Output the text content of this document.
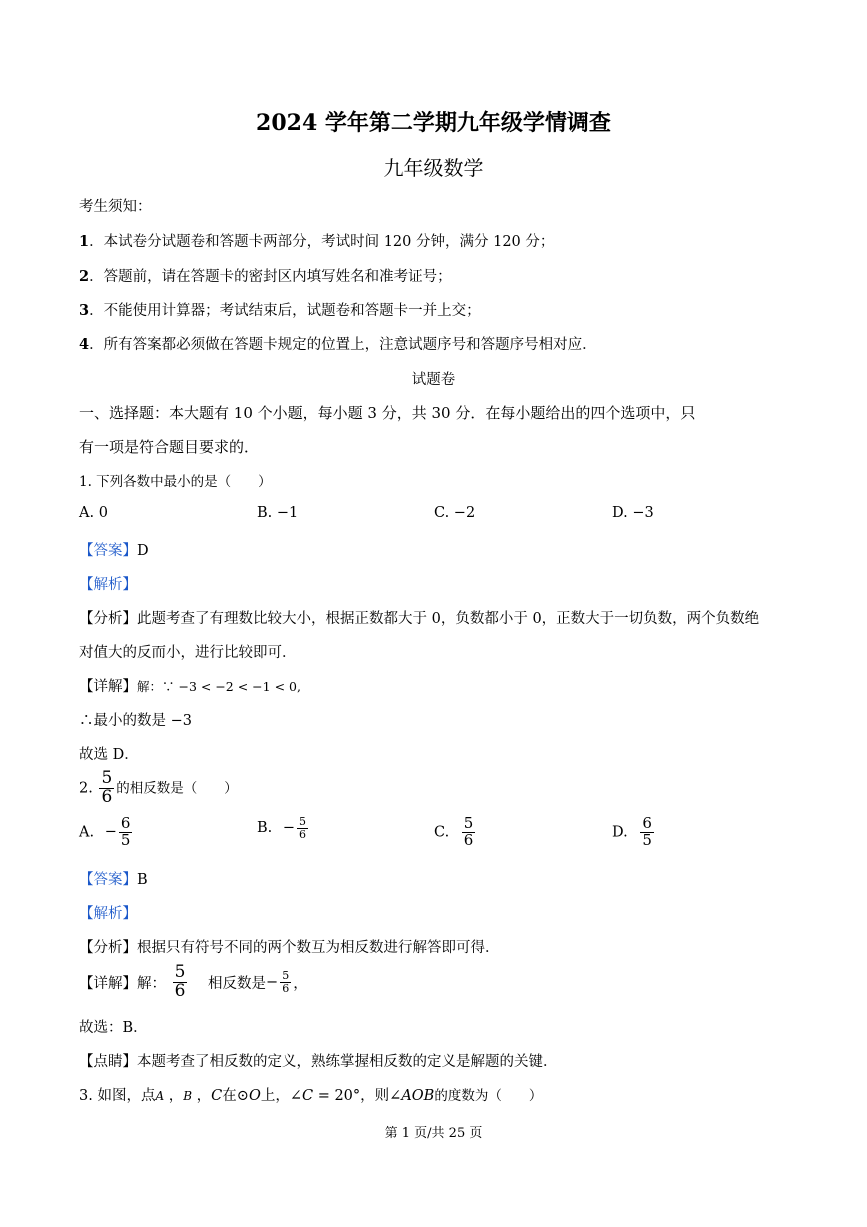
2024 学年第二学期九年级学情调查
九年级数学
考生须知：
1．本试卷分试题卷和答题卡两部分，考试时间 120 分钟，满分 120 分；
2．答题前，请在答题卡的密封区内填写姓名和准考证号；
3．不能使用计算器；考试结束后，试题卷和答题卡一并上交；
4．所有答案都必须做在答题卡规定的位置上，注意试题序号和答题序号相对应．
试题卷
一、选择题：本大题有 10 个小题，每小题 3 分，共 30 分．在每小题给出的四个选项中，只
有一项是符合题目要求的．
1. 下列各数中最小的是（　　）
A. 0	B. −1	C. −2	D. −3
【答案】D
【解析】
【分析】此题考查了有理数比较大小，根据正数都大于 0，负数都小于 0，正数大于一切负数，两个负数绝
对值大的反而小，进行比较即可．
【详解】解：∵ −3 < −2 < −1 < 0,
∴最小的数是 −3
故选 D．
2. $\frac{5}{6}$ 的相反数是（　　）
A. − $\frac{6}{5}$	B. − $\frac{5}{6}$	C. $\frac{5}{6}$	D. $\frac{6}{5}$
【答案】B
【解析】
【分析】根据只有符号不同的两个数互为相反数进行解答即可得．
【详解】解： $\frac{5}{6}$ 相反数是− $\frac{5}{6}$ ，
故选：B．
【点睛】本题考查了相反数的定义，熟练掌握相反数的定义是解题的关键．
3. 如图，点A ，B ，C在⊙O上，∠C = 20°，则∠AOB的度数为（　　）
第 1 页/共 25 页
